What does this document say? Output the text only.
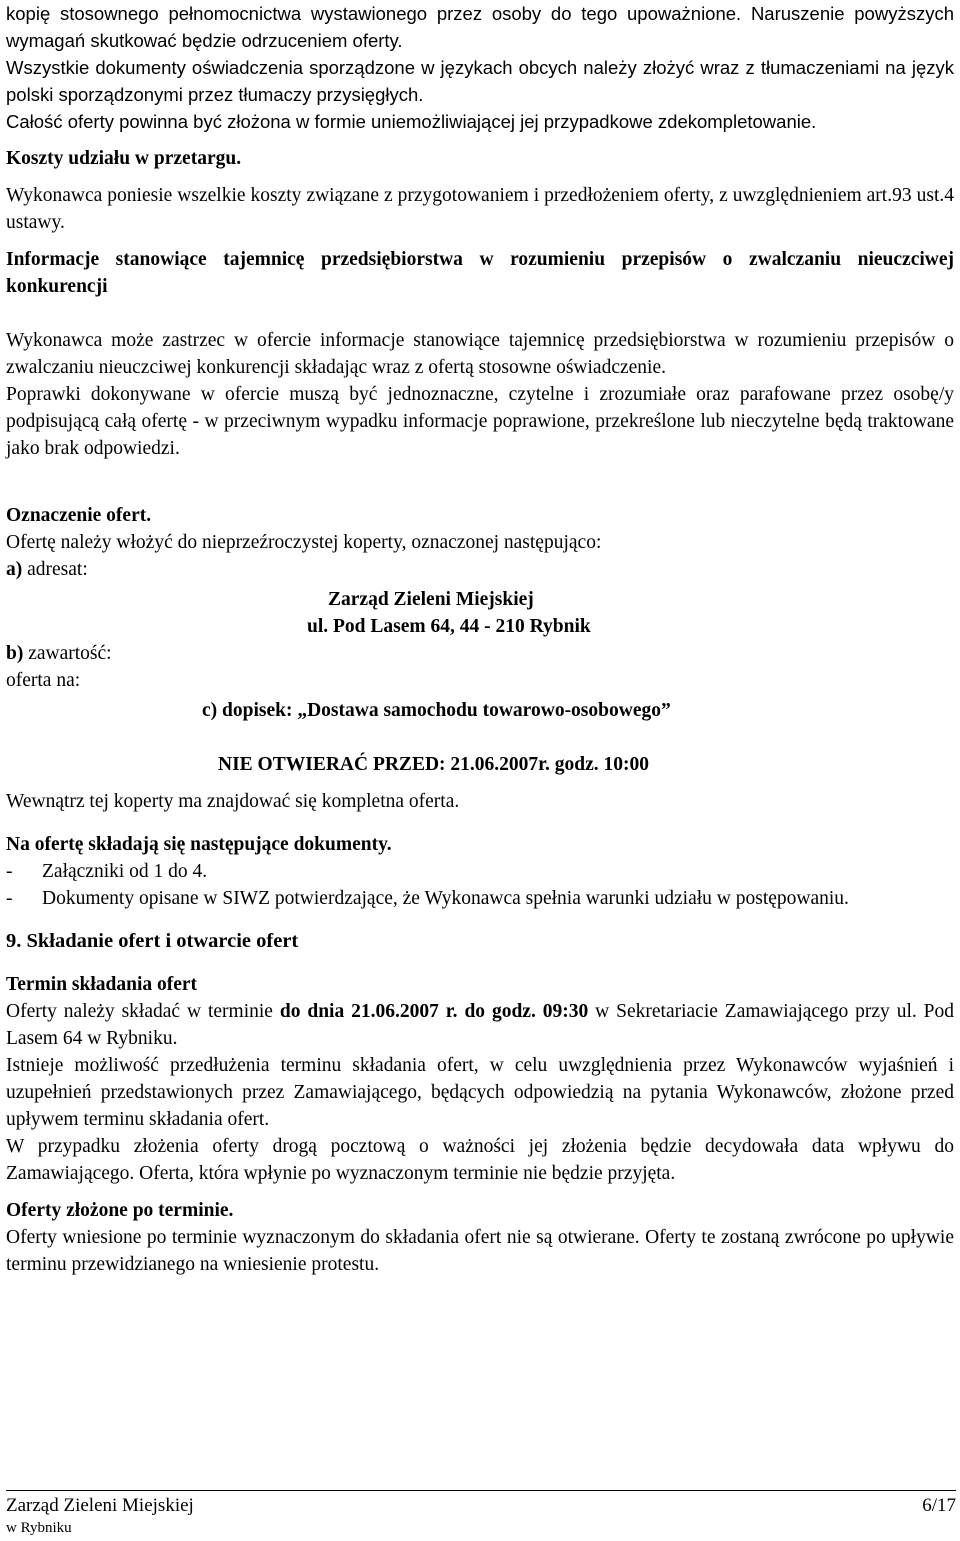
kopię stosownego pełnomocnictwa wystawionego przez osoby do tego upoważnione. Naruszenie powyższych wymagań skutkować będzie odrzuceniem oferty.

Wszystkie dokumenty oświadczenia sporządzone w językach obcych należy złożyć wraz z tłumaczeniami na język polski sporządzonymi przez tłumaczy przysięgłych.

Całość oferty powinna być złożona w formie uniemożliwiającej jej przypadkowe zdekompletowanie.

Koszty udziału w przetargu.

Wykonawca poniesie wszelkie koszty związane z przygotowaniem i przedłożeniem oferty, z uwzględnieniem art.93 ust.4 ustawy.

Informacje stanowiące tajemnicę przedsiębiorstwa w rozumieniu przepisów o zwalczaniu nieuczciwej konkurencji

Wykonawca może zastrzec w ofercie informacje stanowiące tajemnicę przedsiębiorstwa w rozumieniu przepisów o zwalczaniu nieuczciwej konkurencji składając wraz z ofertą stosowne oświadczenie.

Poprawki dokonywane w ofercie muszą być jednoznaczne, czytelne i zrozumiałe oraz parafowane przez osobę/y podpisującą całą ofertę - w przeciwnym wypadku informacje poprawione, przekreślone lub nieczytelne będą traktowane jako brak odpowiedzi.

Oznaczenie ofert.

Ofertę należy włożyć do nieprzeźroczystej koperty, oznaczonej następująco:

a) adresat:

Zarząd Zieleni Miejskiej

ul. Pod Lasem 64, 44 - 210 Rybnik

b) zawartość:

oferta na:

c) dopisek: „Dostawa samochodu towarowo-osobowego”

NIE OTWIERAĆ PRZED: 21.06.2007r. godz. 10:00

Wewnątrz tej koperty ma znajdować się kompletna oferta.

Na ofertę składają się następujące dokumenty.

-	Załączniki od 1 do 4.
-	Dokumenty opisane w SIWZ potwierdzające, że Wykonawca spełnia warunki udziału w postępowaniu.

9. Składanie ofert i otwarcie ofert

Termin składania ofert

Oferty należy składać w terminie do dnia 21.06.2007 r. do godz. 09:30 w Sekretariacie Zamawiającego przy ul. Pod Lasem 64 w Rybniku.

Istnieje możliwość przedłużenia terminu składania ofert, w celu uwzględnienia przez Wykonawców wyjaśnień i uzupełnień przedstawionych przez Zamawiającego, będących odpowiedzią na pytania Wykonawców, złożone przed upływem terminu składania ofert.

W przypadku złożenia oferty drogą pocztową o ważności jej złożenia będzie decydowała data wpływu do Zamawiającego. Oferta, która wpłynie po wyznaczonym terminie nie będzie przyjęta.

Oferty złożone po terminie.

Oferty wniesione po terminie wyznaczonym do składania ofert nie są otwierane. Oferty te zostaną zwrócone po upływie terminu przewidzianego na wniesienie protestu.

Zarząd Zieleni Miejskiej	6/17
w Rybniku
